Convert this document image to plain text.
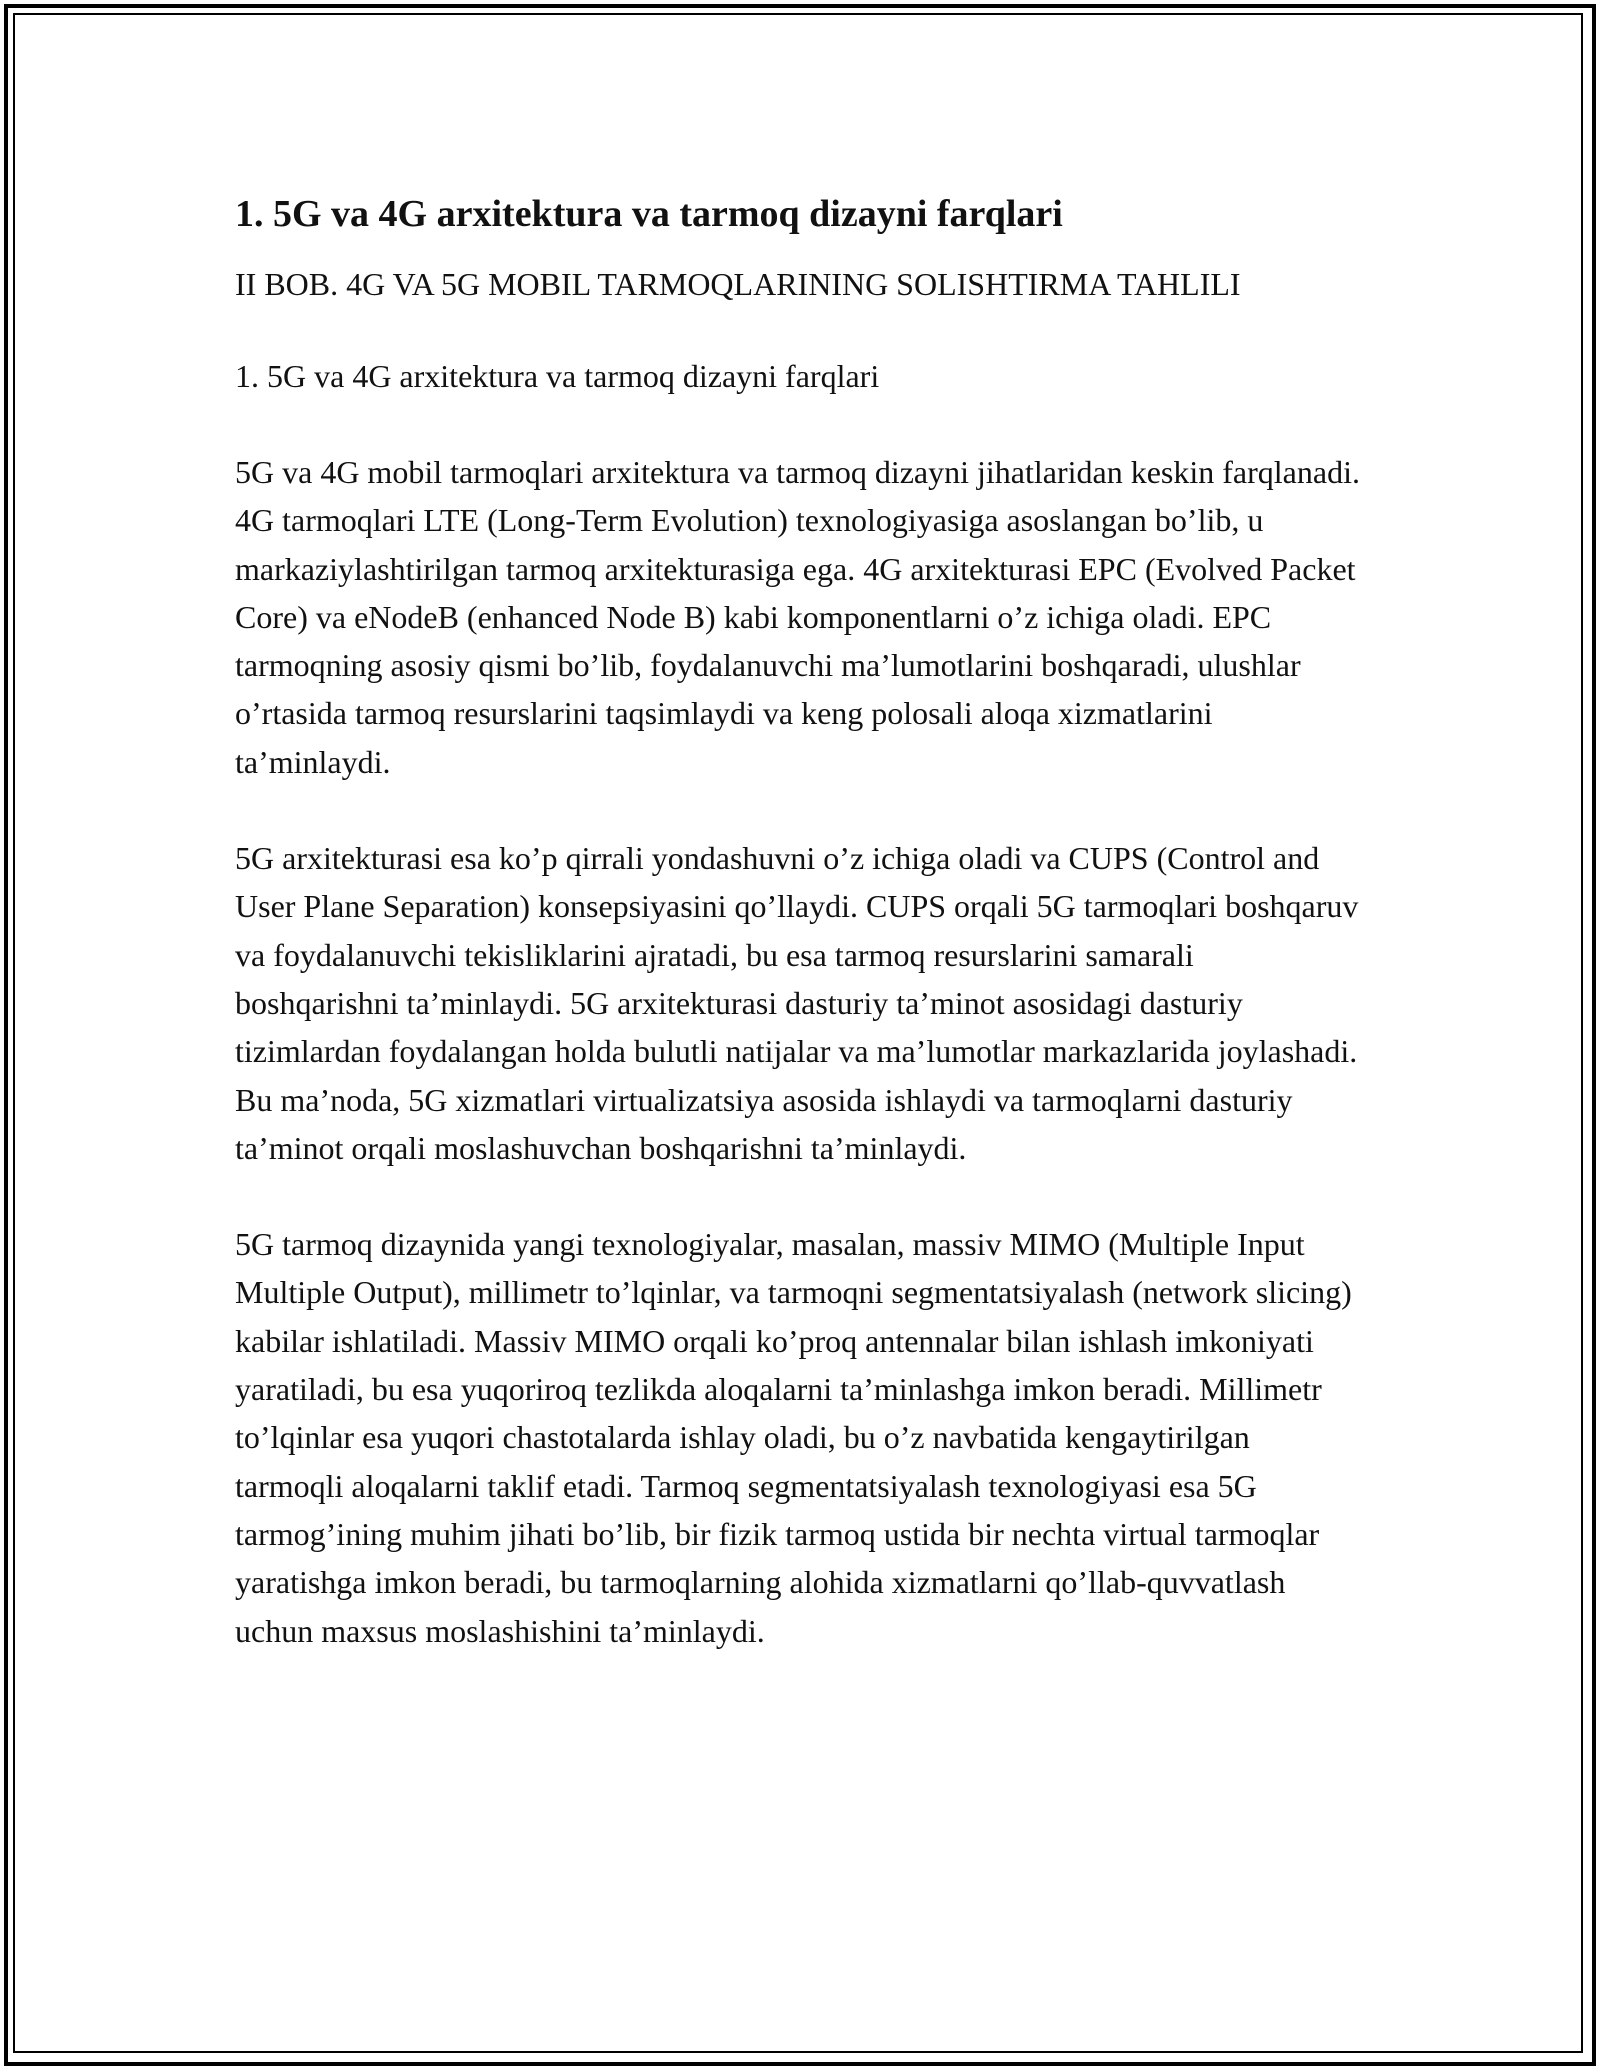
1. 5G va 4G arxitektura va tarmoq dizayni farqlari

II BOB. 4G VA 5G MOBIL TARMOQLARINING SOLISHTIRMA TAHLILI

1. 5G va 4G arxitektura va tarmoq dizayni farqlari

5G va 4G mobil tarmoqlari arxitektura va tarmoq dizayni jihatlaridan keskin farqlanadi. 4G tarmoqlari LTE (Long-Term Evolution) texnologiyasiga asoslangan bo’lib, u markaziylashtirilgan tarmoq arxitekturasiga ega. 4G arxitekturasi EPC (Evolved Packet Core) va eNodeB (enhanced Node B) kabi komponentlarni o’z ichiga oladi. EPC tarmoqning asosiy qismi bo’lib, foydalanuvchi ma’lumotlarini boshqaradi, ulushlar o’rtasida tarmoq resurslarini taqsimlaydi va keng polosali aloqa xizmatlarini ta’minlaydi.

5G arxitekturasi esa ko’p qirrali yondashuvni o’z ichiga oladi va CUPS (Control and User Plane Separation) konsepsiyasini qo’llaydi. CUPS orqali 5G tarmoqlari boshqaruv va foydalanuvchi tekisliklarini ajratadi, bu esa tarmoq resurslarini samarali boshqarishni ta’minlaydi. 5G arxitekturasi dasturiy ta’minot asosidagi dasturiy tizimlardan foydalangan holda bulutli natijalar va ma’lumotlar markazlarida joylashadi. Bu ma’noda, 5G xizmatlari virtualizatsiya asosida ishlaydi va tarmoqlarni dasturiy ta’minot orqali moslashuvchan boshqarishni ta’minlaydi.

5G tarmoq dizaynida yangi texnologiyalar, masalan, massiv MIMO (Multiple Input Multiple Output), millimetr to’lqinlar, va tarmoqni segmentatsiyalash (network slicing) kabilar ishlatiladi. Massiv MIMO orqali ko’proq antennalar bilan ishlash imkoniyati yaratiladi, bu esa yuqoriroq tezlikda aloqalarni ta’minlashga imkon beradi. Millimetr to’lqinlar esa yuqori chastotalarda ishlay oladi, bu o’z navbatida kengaytirilgan tarmoqli aloqalarni taklif etadi. Tarmoq segmentatsiyalash texnologiyasi esa 5G tarmog’ining muhim jihati bo’lib, bir fizik tarmoq ustida bir nechta virtual tarmoqlar yaratishga imkon beradi, bu tarmoqlarning alohida xizmatlarni qo’llab-quvvatlash uchun maxsus moslashishini ta’minlaydi.
